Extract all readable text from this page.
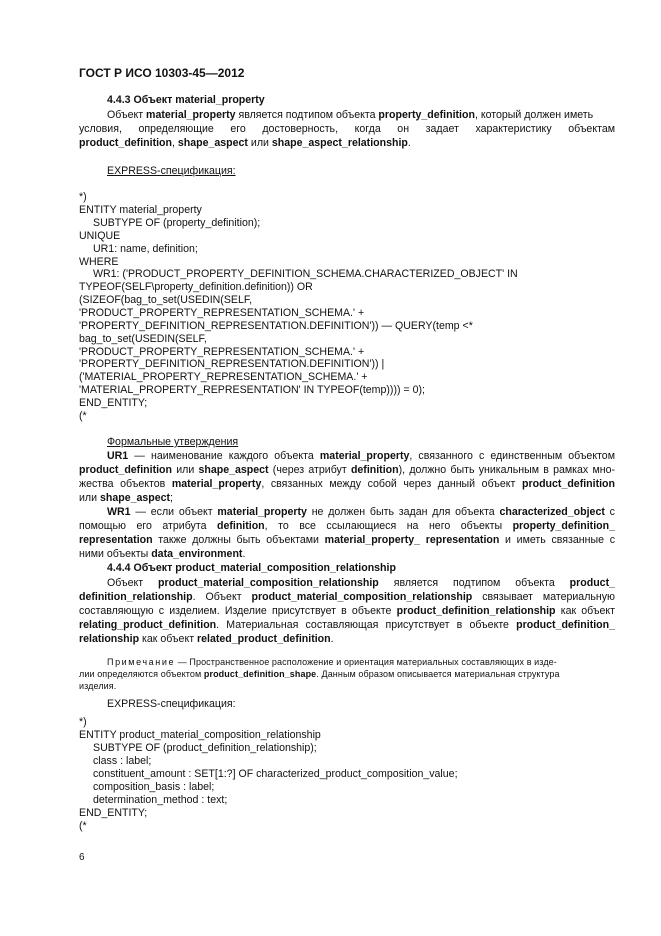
ГОСТ Р ИСО 10303-45—2012
4.4.3 Объект material_property
Объект material_property является подтипом объекта property_definition, который должен иметь
условия, определяющие его достоверность, когда он задает характеристику объектам
product_definition, shape_aspect или shape_aspect_relationship.
EXPRESS-спецификация:
*)
ENTITY material_property
SUBTYPE OF (property_definition);
UNIQUE
UR1: name, definition;
WHERE
WR1: ('PRODUCT_PROPERTY_DEFINITION_SCHEMA.CHARACTERIZED_OBJECT' IN
TYPEOF(SELF\property_definition.definition)) OR
(SIZEOF(bag_to_set(USEDIN(SELF,
'PRODUCT_PROPERTY_REPRESENTATION_SCHEMA.' +
'PROPERTY_DEFINITION_REPRESENTATION.DEFINITION')) — QUERY(temp <*
bag_to_set(USEDIN(SELF,
'PRODUCT_PROPERTY_REPRESENTATION_SCHEMA.' +
'PROPERTY_DEFINITION_REPRESENTATION.DEFINITION')) |
('MATERIAL_PROPERTY_REPRESENTATION_SCHEMA.' +
'MATERIAL_PROPERTY_REPRESENTATION' IN TYPEOF(temp)))) = 0);
END_ENTITY;
(*
Формальные утверждения
UR1 — наименование каждого объекта material_property, связанного с единственным объектом
product_definition или shape_aspect (через атрибут definition), должно быть уникальным в рамках мно-
жества объектов material_property, связанных между собой через данный объект product_definition
или shape_aspect;
WR1 — если объект material_property не должен быть задан для объекта characterized_object с
помощью его атрибута definition, то все ссылающиеся на него объекты property_definition_
representation также должны быть объектами material_property_ representation и иметь связанные с
ними объекты data_environment.
4.4.4 Объект product_material_composition_relationship
Объект product_material_composition_relationship является подтипом объекта product_
definition_relationship. Объект product_material_composition_relationship связывает материальную
составляющую с изделием. Изделие присутствует в объекте product_definition_relationship как объект
relating_product_definition. Материальная составляющая присутствует в объекте product_definition_
relationship как объект related_product_definition.
Примечание — Пространственное расположение и ориентация материальных составляющих в изде-
лии определяются объектом product_definition_shape. Данным образом описывается материальная структура
изделия.
EXPRESS-спецификация:
*)
ENTITY product_material_composition_relationship
SUBTYPE OF (product_definition_relationship);
class : label;
constituent_amount : SET[1:?] OF characterized_product_composition_value;
composition_basis : label;
determination_method : text;
END_ENTITY;
(*
6
